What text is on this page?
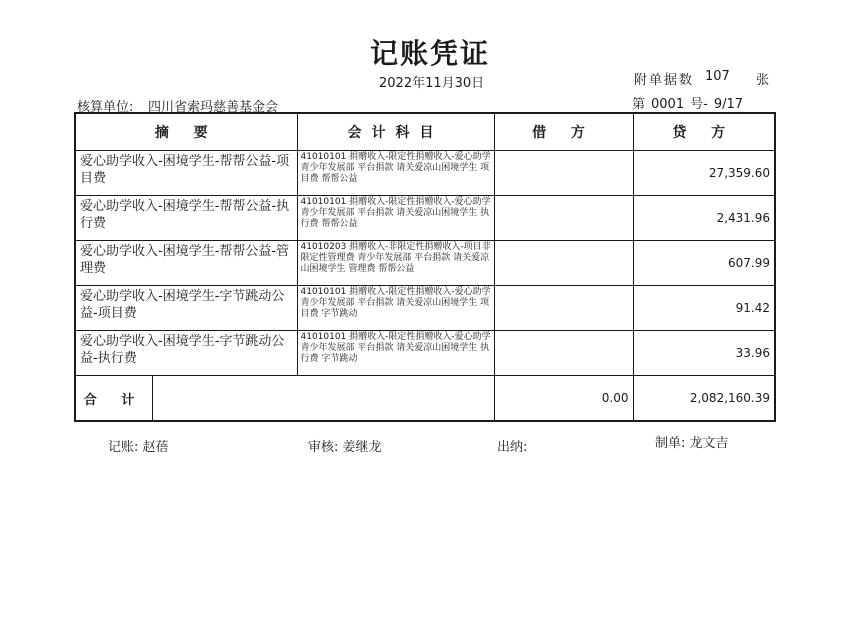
记账凭证
2022年11月30日	附单据数 107 张
核算单位: 四川省索玛慈善基金会	第 0001 号- 9/17
摘 要	会计科目	借 方	贷 方
爱心助学收入-困境学生-帮帮公益-项目费	41010101 捐赠收入-限定性捐赠收入-爱心助学 青少年发展部 平台捐款 请关爱凉山困境学生 项目费 帮帮公益		27,359.60
爱心助学收入-困境学生-帮帮公益-执行费	41010101 捐赠收入-限定性捐赠收入-爱心助学 青少年发展部 平台捐款 请关爱凉山困境学生 执行费 帮帮公益		2,431.96
爱心助学收入-困境学生-帮帮公益-管理费	41010203 捐赠收入-非限定性捐赠收入-项目非限定性管理费 青少年发展部 平台捐款 请关爱凉山困境学生 管理费 帮帮公益		607.99
爱心助学收入-困境学生-字节跳动公益-项目费	41010101 捐赠收入-限定性捐赠收入-爱心助学 青少年发展部 平台捐款 请关爱凉山困境学生 项目费 字节跳动		91.42
爱心助学收入-困境学生-字节跳动公益-执行费	41010101 捐赠收入-限定性捐赠收入-爱心助学 青少年发展部 平台捐款 请关爱凉山困境学生 执行费 字节跳动		33.96

合 计		0.00	2,082,160.39
记账: 赵蓓	审核: 姜继龙	出纳:	制单: 龙文吉
